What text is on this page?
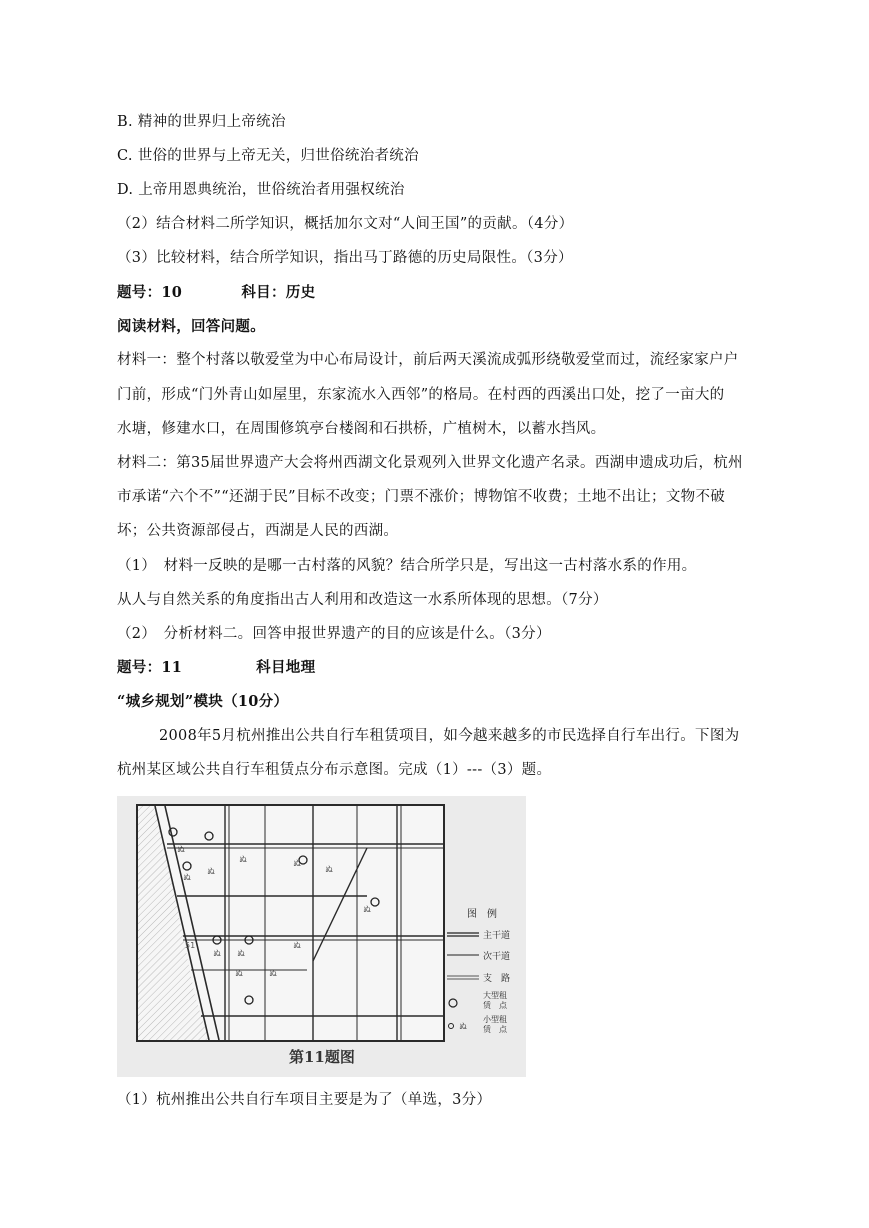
B. 精神的世界归上帝统治
C. 世俗的世界与上帝无关，归世俗统治者统治
D. 上帝用恩典统治，世俗统治者用强权统治
（2）结合材料二所学知识，概括加尔文对“人间王国”的贡献。（4分）
（3）比较材料，结合所学知识，指出马丁路德的历史局限性。（3分）
题号：10　　　　科目：历史
阅读材料，回答问题。
材料一：整个村落以敬爱堂为中心布局设计，前后两天溪流成弧形绕敬爱堂而过，流经家家户户
门前，形成“门外青山如屋里，东家流水入西邻”的格局。在村西的西溪出口处，挖了一亩大的
水塘，修建水口，在周围修筑亭台楼阁和石拱桥，广植树木，以蓄水挡风。
材料二：第35届世界遗产大会将州西湖文化景观列入世界文化遗产名录。西湖申遗成功后，杭州
市承诺“六个不”“还湖于民”目标不改变；门票不涨价；博物馆不收费；土地不出让；文物不破
坏；公共资源部侵占，西湖是人民的西湖。
（1）　材料一反映的是哪一古村落的风貌？结合所学只是，写出这一古村落水系的作用。
从人与自然关系的角度指出古人利用和改造这一水系所体现的思想。（7分）
（2）　分析材料二。回答申报世界遗产的目的应该是什么。（3分）
题号：11　　　　　科目地理
“城乡规划”模块（10分）
2008年5月杭州推出公共自行车租赁项目，如今越来越多的市民选择自行车出行。下图为
杭州某区域公共自行车租赁点分布示意图。完成（1）---（3）题。
ぬ
ぬ
ぬ
ぬ	ぬ
ぬ
ぬ
ぬ ぬ
ぬ
ぬ	ぬ
51
图　例
主干道
次干道
支　路
大型租
赁　点
ぬ
小型租
赁　点
第11题图
（1）杭州推出公共自行车项目主要是为了（单选，3分）
